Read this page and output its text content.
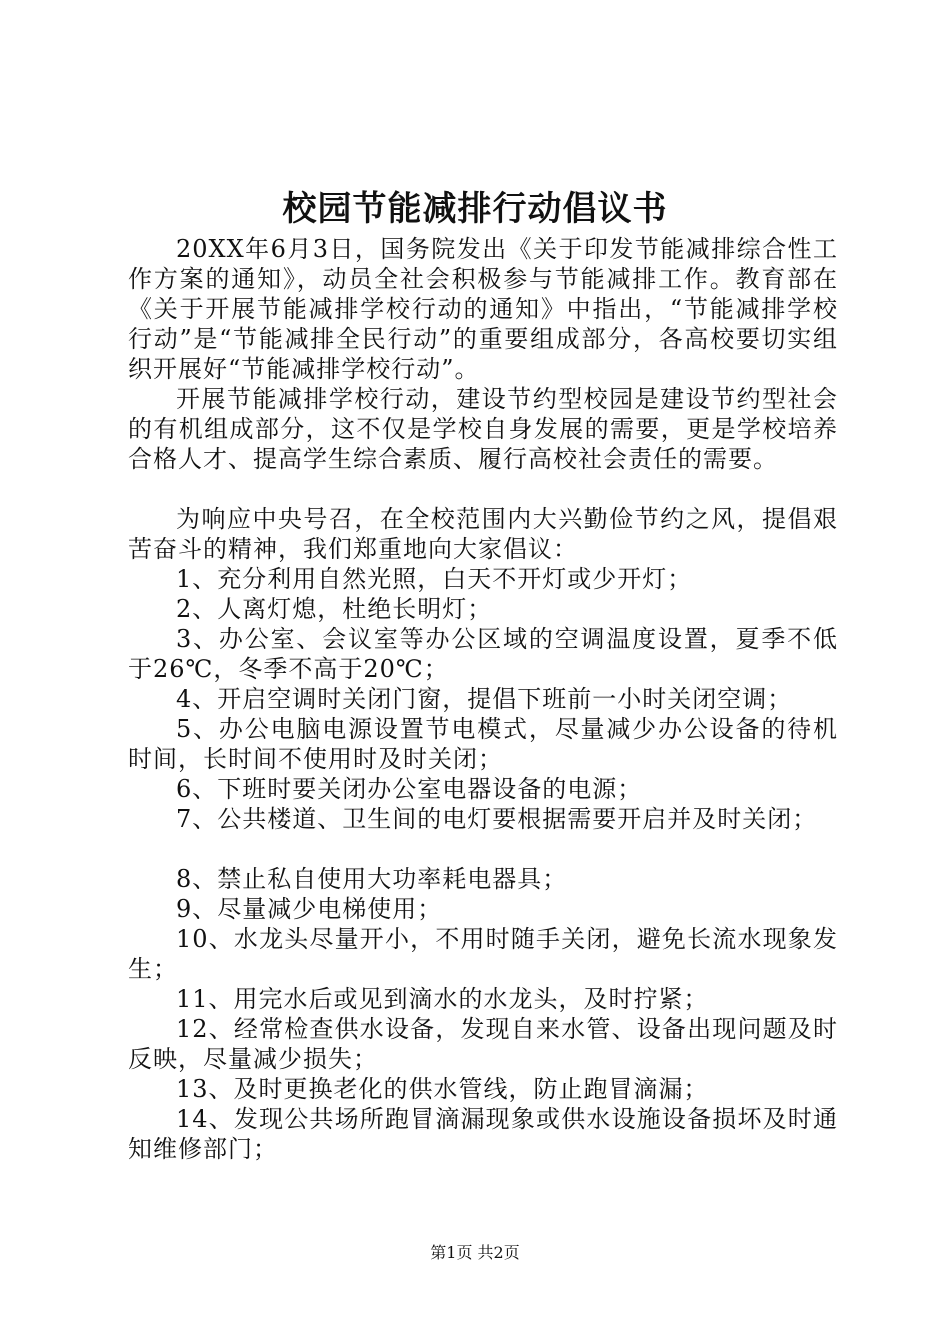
校园节能减排行动倡议书

20XX年6月3日，国务院发出《关于印发节能减排综合性工作方案的通知》，动员全社会积极参与节能减排工作。教育部在《关于开展节能减排学校行动的通知》中指出，“节能减排学校行动”是“节能减排全民行动”的重要组成部分，各高校要切实组织开展好“节能减排学校行动”。

开展节能减排学校行动，建设节约型校园是建设节约型社会的有机组成部分，这不仅是学校自身发展的需要，更是学校培养合格人才、提高学生综合素质、履行高校社会责任的需要。

为响应中央号召，在全校范围内大兴勤俭节约之风，提倡艰苦奋斗的精神，我们郑重地向大家倡议：

1、充分利用自然光照，白天不开灯或少开灯；

2、人离灯熄，杜绝长明灯；

3、办公室、会议室等办公区域的空调温度设置，夏季不低于26℃，冬季不高于20℃；

4、开启空调时关闭门窗，提倡下班前一小时关闭空调；

5、办公电脑电源设置节电模式，尽量减少办公设备的待机时间，长时间不使用时及时关闭；

6、下班时要关闭办公室电器设备的电源；

7、公共楼道、卫生间的电灯要根据需要开启并及时关闭；

8、禁止私自使用大功率耗电器具；

9、尽量减少电梯使用；

10、水龙头尽量开小，不用时随手关闭，避免长流水现象发生；

11、用完水后或见到滴水的水龙头，及时拧紧；

12、经常检查供水设备，发现自来水管、设备出现问题及时反映，尽量减少损失；

13、及时更换老化的供水管线，防止跑冒滴漏；

14、发现公共场所跑冒滴漏现象或供水设施设备损坏及时通知维修部门；

第1页 共2页
